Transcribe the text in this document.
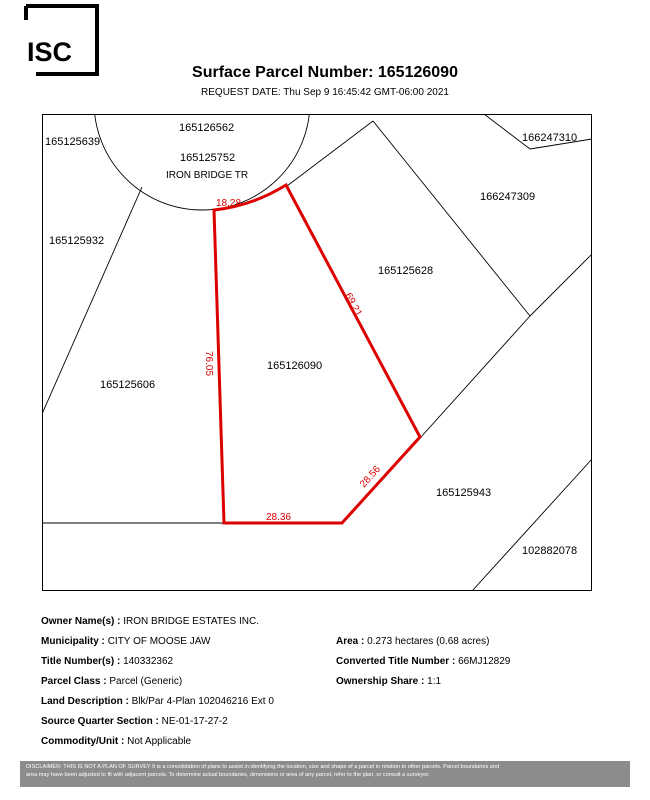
ISC
Surface Parcel Number: 165126090
REQUEST DATE: Thu Sep 9 16:45:42 GMT-06:00 2021
165126562
165125639	166247310
165125752
166247309
165125932
165125628
165126090
165125606
165125943
102882078
IRON BRIDGE TR
18.28
69.21
76.05
28.56
28.36
Owner Name(s) : IRON BRIDGE ESTATES INC.
Municipality : CITY OF MOOSE JAW	Area : 0.273 hectares (0.68 acres)
Title Number(s) : 140332362	Converted Title Number : 66MJ12829
Parcel Class : Parcel (Generic)	Ownership Share : 1:1
Land Description : Blk/Par 4-Plan 102046216 Ext 0
Source Quarter Section : NE-01-17-27-2
Commodity/Unit : Not Applicable
DISCLAIMER: THIS IS NOT A PLAN OF SURVEY It is a consolidation of plans to assist in identifying the location, size and shape of a parcel in relation to other parcels. Parcel boundaries and
area may have been adjusted to fit with adjacent parcels. To determine actual boundaries, dimensions or area of any parcel, refer to the plan, or consult a surveyor.
